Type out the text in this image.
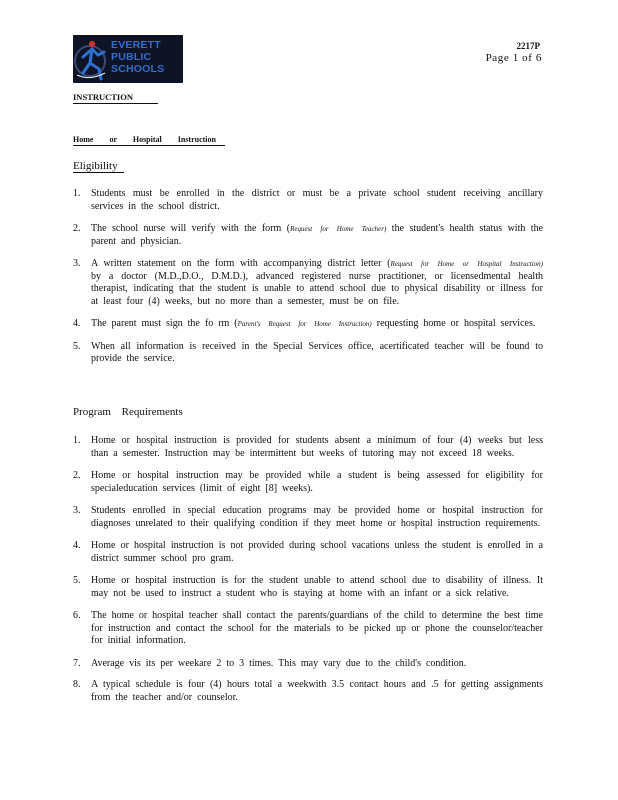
EVERETT
PUBLIC
SCHOOLS
2217P
Page 1 of 6
INSTRUCTION
Home or Hospital Instruction
Eligibility
1. Students must be enrolled in the district or must be a private school student receiving ancillary services in the school district.
2. The school nurse will verify with the form (Request for Home Teacher) the student's health status with the parent and physician.
3. A written statement on the form with accompanying district letter (Request for Home or Hospital Instruction) by a doctor (M.D.,D.O., D.M.D.), advanced registered nurse practitioner, or licensedmental health therapist, indicating that the student is unable to attend school due to physical disability or illness for at least four (4) weeks, but no more than a semester, must be on file.
4. The parent must sign the fo rm (Parent's Request for Home Instruction) requesting home or hospital services.
5. When all information is received in the Special Services office, acertificated teacher will be found to provide the service.
Program Requirements
1. Home or hospital instruction is provided for students absent a minimum of four (4) weeks but less than a semester. Instruction may be intermittent but weeks of tutoring may not exceed 18 weeks.
2. Home or hospital instruction may be provided while a student is being assessed for eligibility for specialeducation services (limit of eight [8] weeks).
3. Students enrolled in special education programs may be provided home or hospital instruction for diagnoses unrelated to their qualifying condition if they meet home or hospital instruction requirements.
4. Home or hospital instruction is not provided during school vacations unless the student is enrolled in a district summer school pro gram.
5. Home or hospital instruction is for the student unable to attend school due to disability of illness. It may not be used to instruct a student who is staying at home with an infant or a sick relative.
6. The home or hospital teacher shall contact the parents/guardians of the child to determine the best time for instruction and contact the school for the materials to be picked up or phone the counselor/teacher for initial information.
7. Average vis its per weekare 2 to 3 times. This may vary due to the child's condition.
8. A typical schedule is four (4) hours total a weekwith 3.5 contact hours and .5 for getting assignments from the teacher and/or counselor.
